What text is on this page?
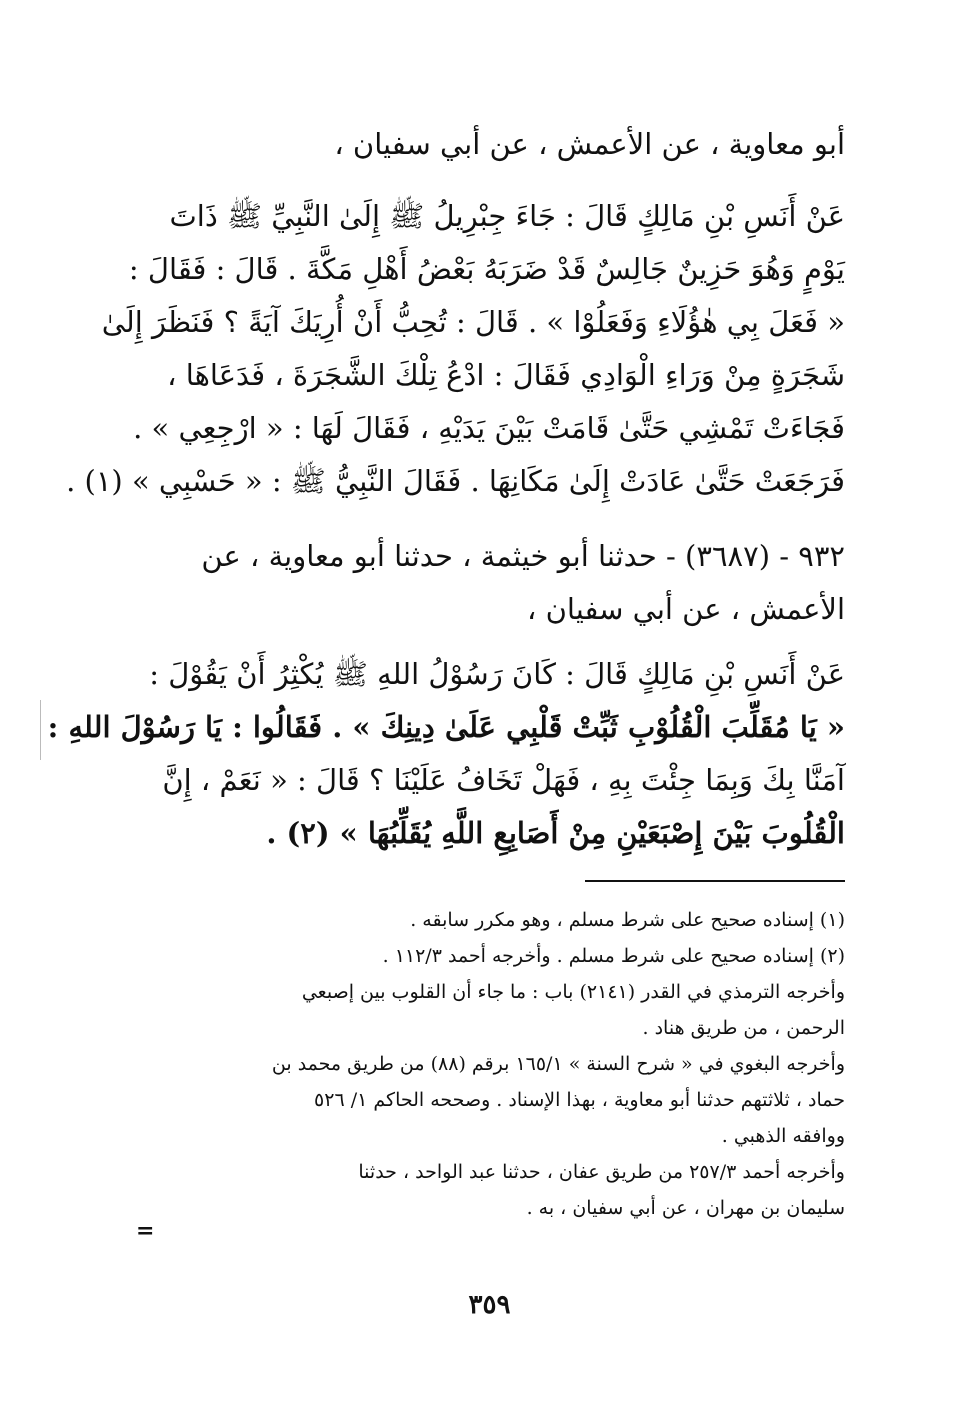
أبو معاوية ، عن الأعمش ، عن أبي سفيان ،
عَنْ أَنَسِ بْنِ مَالِكٍ قَالَ : جَاءَ جِبْرِيلُ ﷺ إِلَىٰ النَّبِيِّ ﷺ ذَاتَ
يَوْمٍ وَهُوَ حَزِينٌ جَالِسٌ قَدْ ضَرَبَهُ بَعْضُ أَهْلِ مَكَّةَ . قَالَ : فَقَالَ :
« فَعَلَ بِي هٰؤُلَاءِ وَفَعَلُوْا » . قَالَ : تُحِبُّ أَنْ أُرِيَكَ آيَةً ؟ فَنَظَرَ إِلَىٰ
شَجَرَةٍ مِنْ وَرَاءِ الْوَادِي فَقَالَ : ادْعُ تِلْكَ الشَّجَرَةَ ، فَدَعَاهَا ،
فَجَاءَتْ تَمْشِي حَتَّىٰ قَامَتْ بَيْنَ يَدَيْهِ ، فَقَالَ لَهَا : « ارْجِعِي » .
فَرَجَعَتْ حَتَّىٰ عَادَتْ إِلَىٰ مَكَانِهَا . فَقَالَ النَّبِيُّ ﷺ : « حَسْبِي » (١) .
٩٣٢ - (٣٦٨٧) - حدثنا أبو خيثمة ، حدثنا أبو معاوية ، عن
الأعمش ، عن أبي سفيان ،
عَنْ أَنَسِ بْنِ مَالِكٍ قَالَ : كَانَ رَسُوْلُ اللهِ ﷺ يُكْثِرُ أَنْ يَقُوْلَ :
« يَا مُقَلِّبَ الْقُلُوْبِ ثَبِّتْ قَلْبِي عَلَىٰ دِينِكَ » . فَقَالُوا : يَا رَسُوْلَ اللهِ :
آمَنَّا بِكَ وَبِمَا جِئْتَ بِهِ ، فَهَلْ تَخَافُ عَلَيْنَا ؟ قَالَ : « نَعَمْ ، إِنَّ
الْقُلُوبَ بَيْنَ إِصْبَعَيْنِ مِنْ أَصَابِعِ اللَّهِ يُقَلِّبُهَا » (٢) .
(١) إسناده صحيح على شرط مسلم ، وهو مكرر سابقه .
(٢) إسناده صحيح على شرط مسلم . وأخرجه أحمد ١١٢/٣ .
وأخرجه الترمذي في القدر (٢١٤١) باب : ما جاء أن القلوب بين إصبعي
الرحمن ، من طريق هناد .
وأخرجه البغوي في « شرح السنة » ١٦٥/١ برقم (٨٨) من طريق محمد بن
حماد ، ثلاثتهم حدثنا أبو معاوية ، بهذا الإسناد . وصححه الحاكم ١/ ٥٢٦
ووافقه الذهبي .
وأخرجه أحمد ٢٥٧/٣ من طريق عفان ، حدثنا عبد الواحد ، حدثنا
سليمان بن مهران ، عن أبي سفيان ، به .
=
٣٥٩
